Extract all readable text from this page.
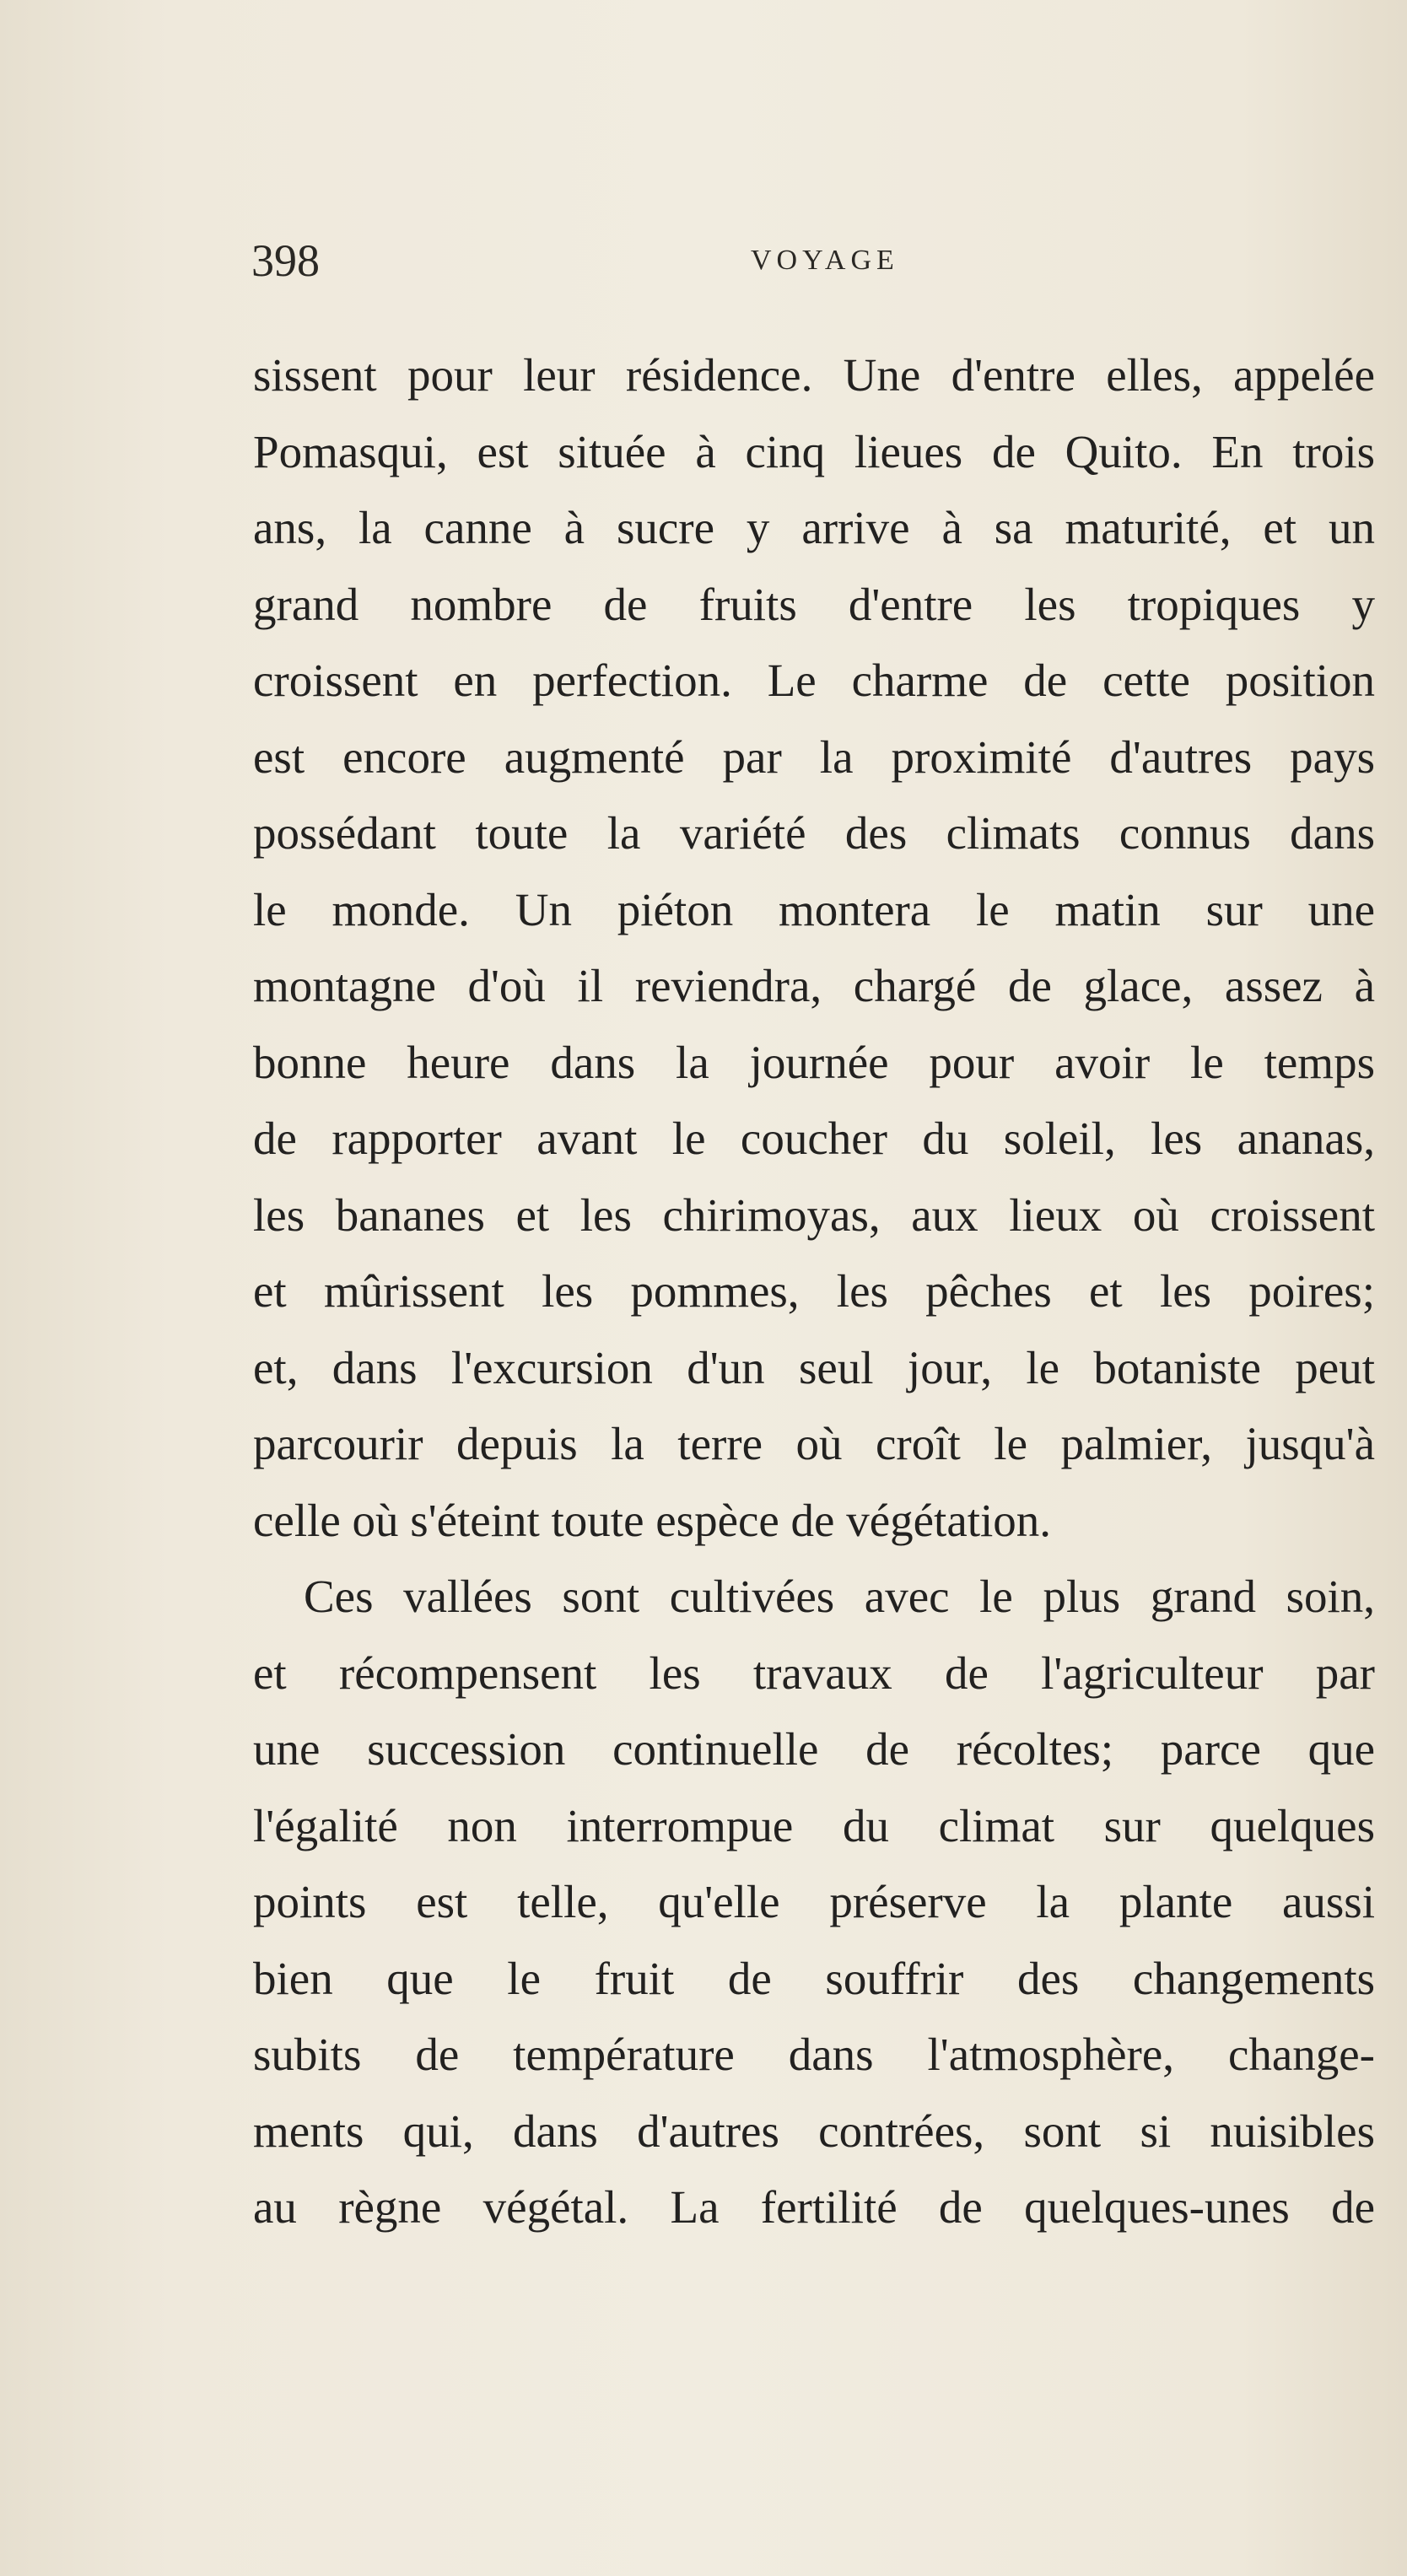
398	VOYAGE
sissent pour leur résidence. Une d'entre elles, appelée
Pomasqui, est située à cinq lieues de Quito. En trois
ans, la canne à sucre y arrive à sa maturité, et un
grand nombre de fruits d'entre les tropiques y
croissent en perfection. Le charme de cette position
est encore augmenté par la proximité d'autres pays
possédant toute la variété des climats connus dans
le monde. Un piéton montera le matin sur une
montagne d'où il reviendra, chargé de glace, assez à
bonne heure dans la journée pour avoir le temps
de rapporter avant le coucher du soleil, les ananas,
les bananes et les chirimoyas, aux lieux où croissent
et mûrissent les pommes, les pêches et les poires;
et, dans l'excursion d'un seul jour, le botaniste peut
parcourir depuis la terre où croît le palmier, jusqu'à
celle où s'éteint toute espèce de végétation.
Ces vallées sont cultivées avec le plus grand soin,
et récompensent les travaux de l'agriculteur par
une succession continuelle de récoltes; parce que
l'égalité non interrompue du climat sur quelques
points est telle, qu'elle préserve la plante aussi
bien que le fruit de souffrir des changements
subits de température dans l'atmosphère, change-
ments qui, dans d'autres contrées, sont si nuisibles
au règne végétal. La fertilité de quelques-unes de
